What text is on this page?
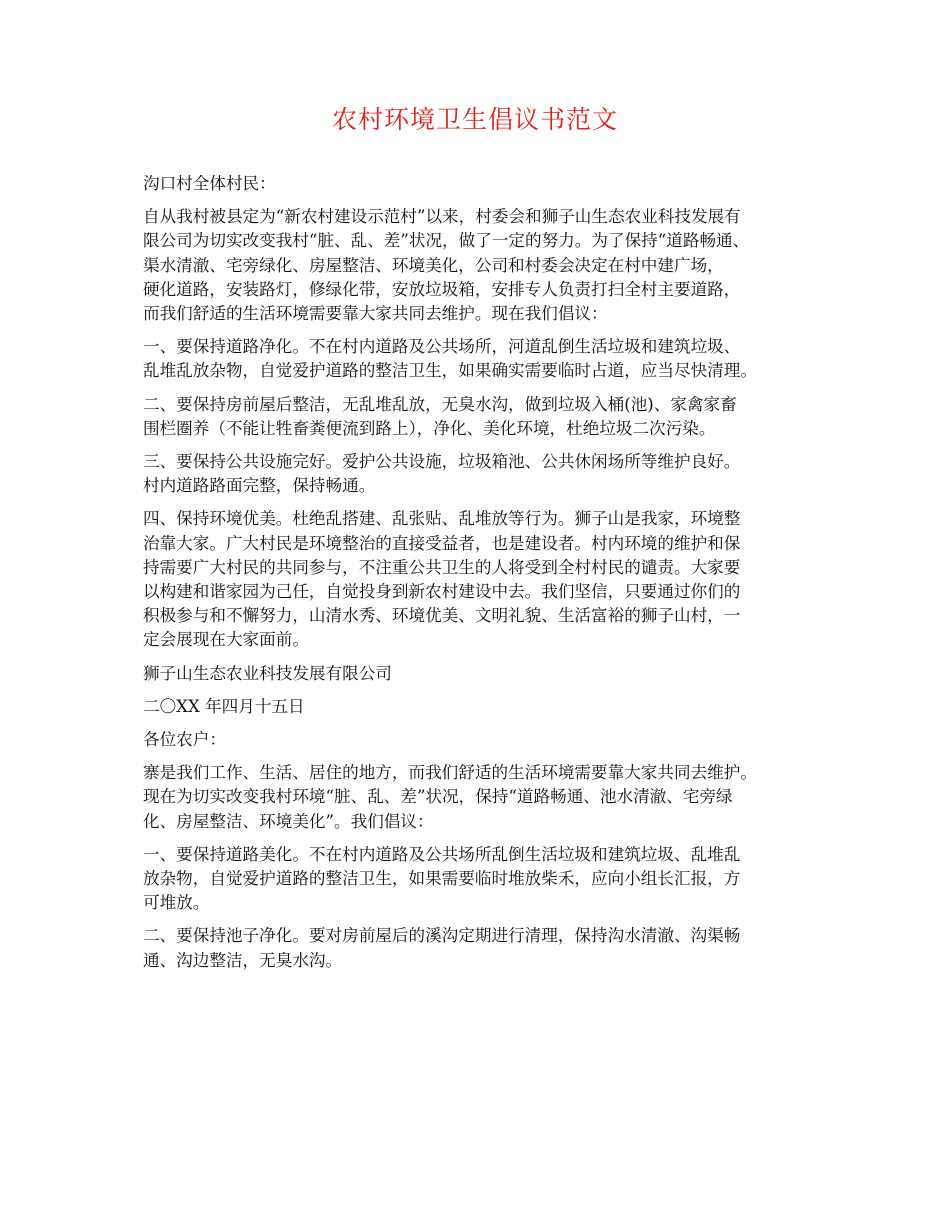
农村环境卫生倡议书范文

沟口村全体村民：

自从我村被县定为“新农村建设示范村”以来，村委会和狮子山生态农业科技发展有
限公司为切实改变我村“脏、乱、差”状况，做了一定的努力。为了保持“道路畅通、
渠水清澈、宅旁绿化、房屋整洁、环境美化，公司和村委会决定在村中建广场，
硬化道路，安装路灯，修绿化带，安放垃圾箱，安排专人负责打扫全村主要道路，
而我们舒适的生活环境需要靠大家共同去维护。现在我们倡议：

一、要保持道路净化。不在村内道路及公共场所，河道乱倒生活垃圾和建筑垃圾、
乱堆乱放杂物，自觉爱护道路的整洁卫生，如果确实需要临时占道，应当尽快清理。

二、要保持房前屋后整洁，无乱堆乱放，无臭水沟，做到垃圾入桶(池)、家禽家畜
围栏圈养（不能让牲畜粪便流到路上），净化、美化环境，杜绝垃圾二次污染。

三、要保持公共设施完好。爱护公共设施，垃圾箱池、公共休闲场所等维护良好。
村内道路路面完整，保持畅通。

四、保持环境优美。杜绝乱搭建、乱张贴、乱堆放等行为。狮子山是我家，环境整
治靠大家。广大村民是环境整治的直接受益者，也是建设者。村内环境的维护和保
持需要广大村民的共同参与，不注重公共卫生的人将受到全村村民的谴责。大家要
以构建和谐家园为己任，自觉投身到新农村建设中去。我们坚信，只要通过你们的
积极参与和不懈努力，山清水秀、环境优美、文明礼貌、生活富裕的狮子山村，一
定会展现在大家面前。

狮子山生态农业科技发展有限公司

二〇XX 年四月十五日

各位农户：

寨是我们工作、生活、居住的地方，而我们舒适的生活环境需要靠大家共同去维护。
现在为切实改变我村环境“脏、乱、差”状况，保持“道路畅通、池水清澈、宅旁绿
化、房屋整洁、环境美化”。我们倡议：

一、要保持道路美化。不在村内道路及公共场所乱倒生活垃圾和建筑垃圾、乱堆乱
放杂物，自觉爱护道路的整洁卫生，如果需要临时堆放柴禾，应向小组长汇报，方
可堆放。

二、要保持池子净化。要对房前屋后的溪沟定期进行清理，保持沟水清澈、沟渠畅
通、沟边整洁，无臭水沟。
